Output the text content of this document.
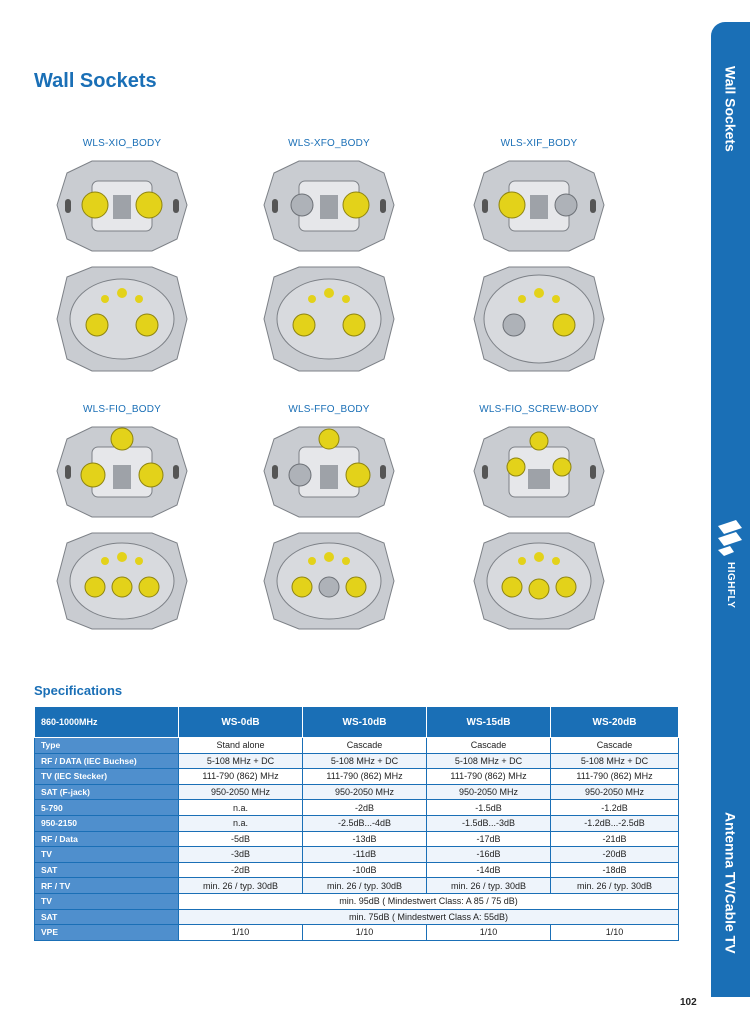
Wall Sockets	Wall Sockets
HIGHFLY
Antenna TV/Cable TV
WLS-XIO_BODY	WLS-XFO_BODY	WLS-XIF_BODY
WLS-FIO_BODY	WLS-FFO_BODY	WLS-FIO_SCREW-BODY
Specifications
860-1000MHz	WS-0dB	WS-10dB	WS-15dB	WS-20dB
Type	Stand alone	Cascade	Cascade	Cascade
RF / DATA (IEC Buchse)	5-108 MHz + DC	5-108 MHz + DC	5-108 MHz + DC	5-108 MHz + DC
TV (IEC Stecker)	111-790 (862) MHz	111-790 (862) MHz	111-790 (862) MHz	111-790 (862) MHz
SAT (F-jack)	950-2050 MHz	950-2050 MHz	950-2050 MHz	950-2050 MHz
5-790	n.a.	-2dB	-1.5dB	-1.2dB
950-2150	n.a.	-2.5dB...-4dB	-1.5dB...-3dB	-1.2dB...-2.5dB
RF / Data	-5dB	-13dB	-17dB	-21dB
TV	-3dB	-11dB	-16dB	-20dB
SAT	-2dB	-10dB	-14dB	-18dB
RF / TV	min. 26 / typ. 30dB	min. 26 / typ. 30dB	min. 26 / typ. 30dB	min. 26 / typ. 30dB
TV	min. 95dB ( Mindestwert Class: A 85 / 75 dB)			
SAT	min. 75dB ( Mindestwert Class A: 55dB)			
VPE	1/10	1/10	1/10	1/10
102
